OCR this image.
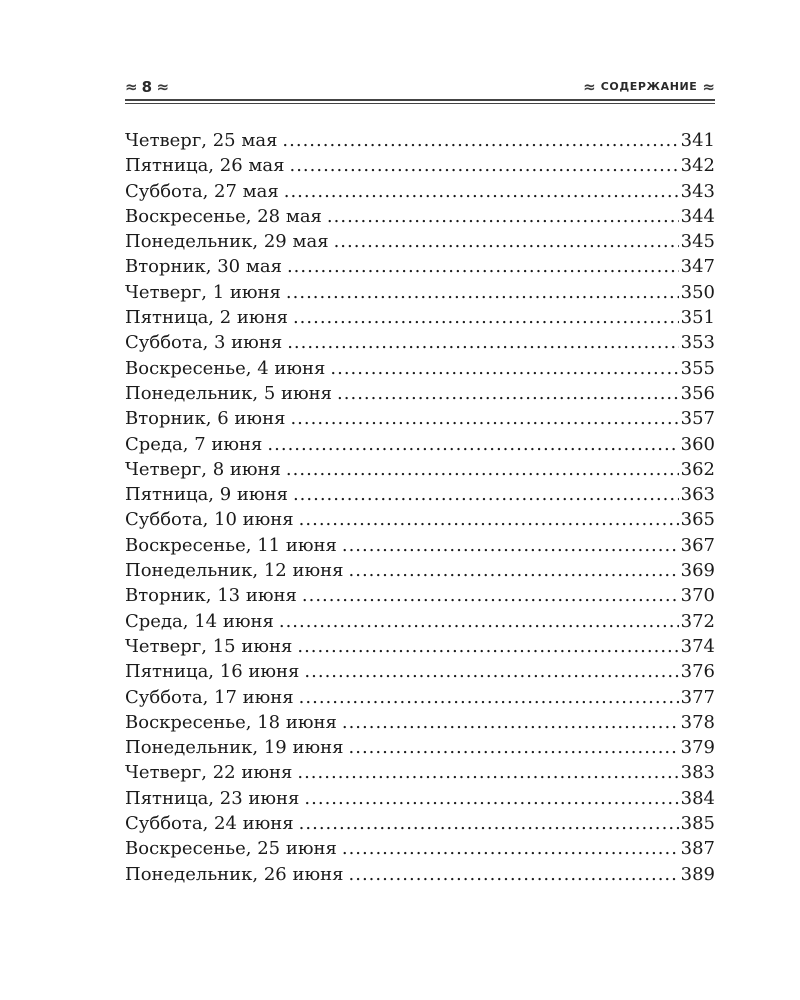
≈ 8 ≈	≈ СОДЕРЖАНИЕ ≈
Четверг, 25 мая .....	341
Пятница, 26 мая .....	342
Суббота, 27 мая .....	343
Воскресенье, 28 мая .....	344
Понедельник, 29 мая .....	345
Вторник, 30 мая .....	347
Четверг, 1 июня .....	350
Пятница, 2 июня .....	351
Суббота, 3 июня .....	353
Воскресенье, 4 июня .....	355
Понедельник, 5 июня .....	356
Вторник, 6 июня .....	357
Среда, 7 июня .....	360
Четверг, 8 июня .....	362
Пятница, 9 июня .....	363
Суббота, 10 июня .....	365
Воскресенье, 11 июня .....	367
Понедельник, 12 июня .....	369
Вторник, 13 июня .....	370
Среда, 14 июня .....	372
Четверг, 15 июня .....	374
Пятница, 16 июня .....	376
Суббота, 17 июня .....	377
Воскресенье, 18 июня .....	378
Понедельник, 19 июня .....	379
Четверг, 22 июня .....	383
Пятница, 23 июня .....	384
Суббота, 24 июня .....	385
Воскресенье, 25 июня .....	387
Понедельник, 26 июня .....	389
